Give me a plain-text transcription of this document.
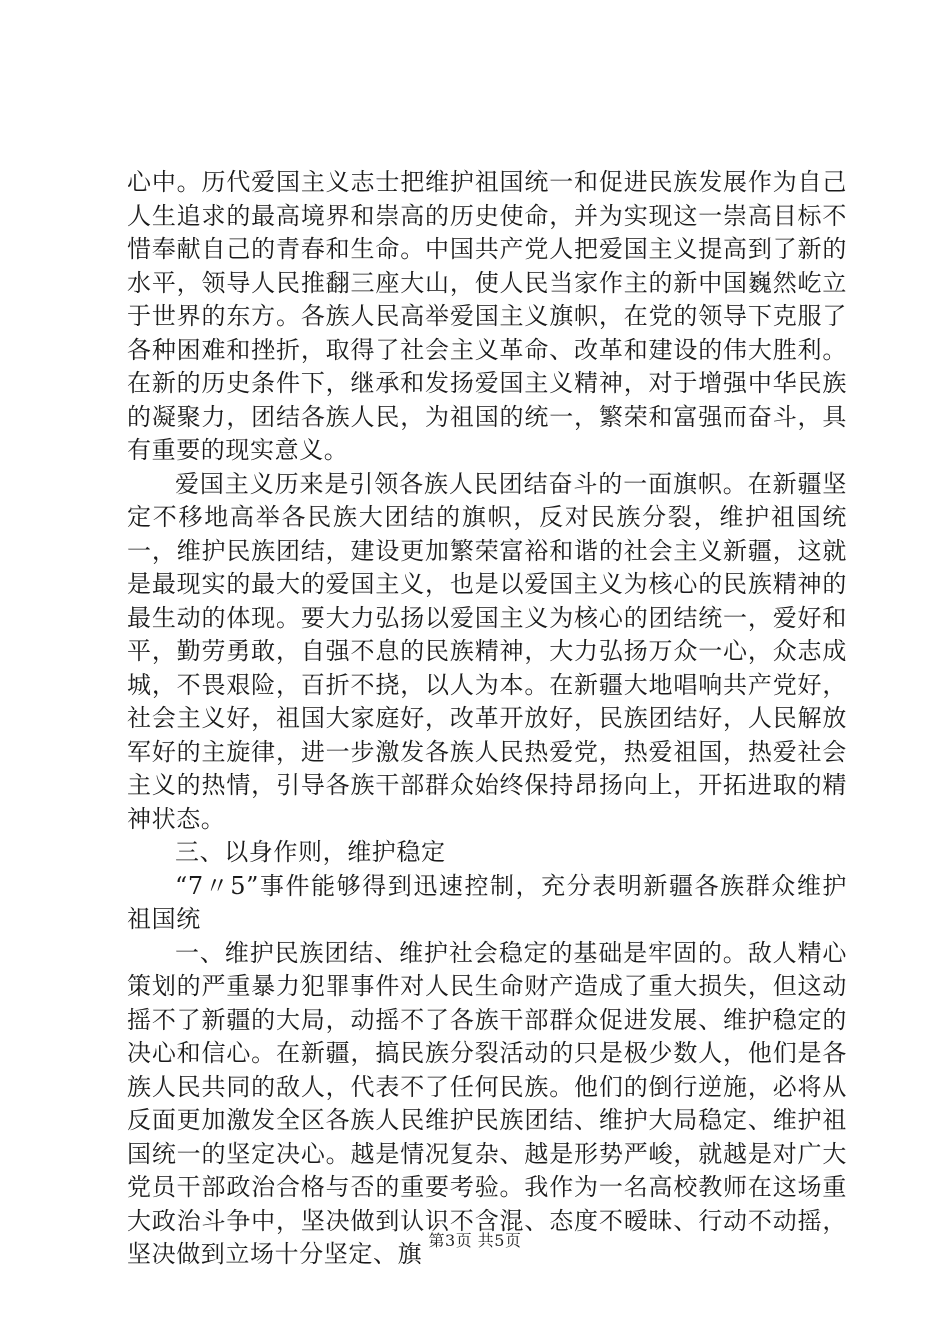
心中。历代爱国主义志士把维护祖国统一和促进民族发展作为自己人生追求的最高境界和崇高的历史使命，并为实现这一崇高目标不惜奉献自己的青春和生命。中国共产党人把爱国主义提高到了新的水平，领导人民推翻三座大山，使人民当家作主的新中国巍然屹立于世界的东方。各族人民高举爱国主义旗帜，在党的领导下克服了各种困难和挫折，取得了社会主义革命、改革和建设的伟大胜利。在新的历史条件下，继承和发扬爱国主义精神，对于增强中华民族的凝聚力，团结各族人民，为祖国的统一，繁荣和富强而奋斗，具有重要的现实意义。

爱国主义历来是引领各族人民团结奋斗的一面旗帜。在新疆坚定不移地高举各民族大团结的旗帜，反对民族分裂，维护祖国统一，维护民族团结，建设更加繁荣富裕和谐的社会主义新疆，这就是最现实的最大的爱国主义，也是以爱国主义为核心的民族精神的最生动的体现。要大力弘扬以爱国主义为核心的团结统一，爱好和平，勤劳勇敢，自强不息的民族精神，大力弘扬万众一心，众志成城，不畏艰险，百折不挠，以人为本。在新疆大地唱响共产党好，社会主义好，祖国大家庭好，改革开放好，民族团结好，人民解放军好的主旋律，进一步激发各族人民热爱党，热爱祖国，热爱社会主义的热情，引导各族干部群众始终保持昂扬向上，开拓进取的精神状态。

三、以身作则，维护稳定

“7〃5”事件能够得到迅速控制，充分表明新疆各族群众维护祖国统

一、维护民族团结、维护社会稳定的基础是牢固的。敌人精心策划的严重暴力犯罪事件对人民生命财产造成了重大损失，但这动摇不了新疆的大局，动摇不了各族干部群众促进发展、维护稳定的决心和信心。在新疆，搞民族分裂活动的只是极少数人，他们是各族人民共同的敌人，代表不了任何民族。他们的倒行逆施，必将从反面更加激发全区各族人民维护民族团结、维护大局稳定、维护祖国统一的坚定决心。越是情况复杂、越是形势严峻，就越是对广大党员干部政治合格与否的重要考验。我作为一名高校教师在这场重大政治斗争中，坚决做到认识不含混、态度不暧昧、行动不动摇，坚决做到立场十分坚定、旗 第3页 共5页
